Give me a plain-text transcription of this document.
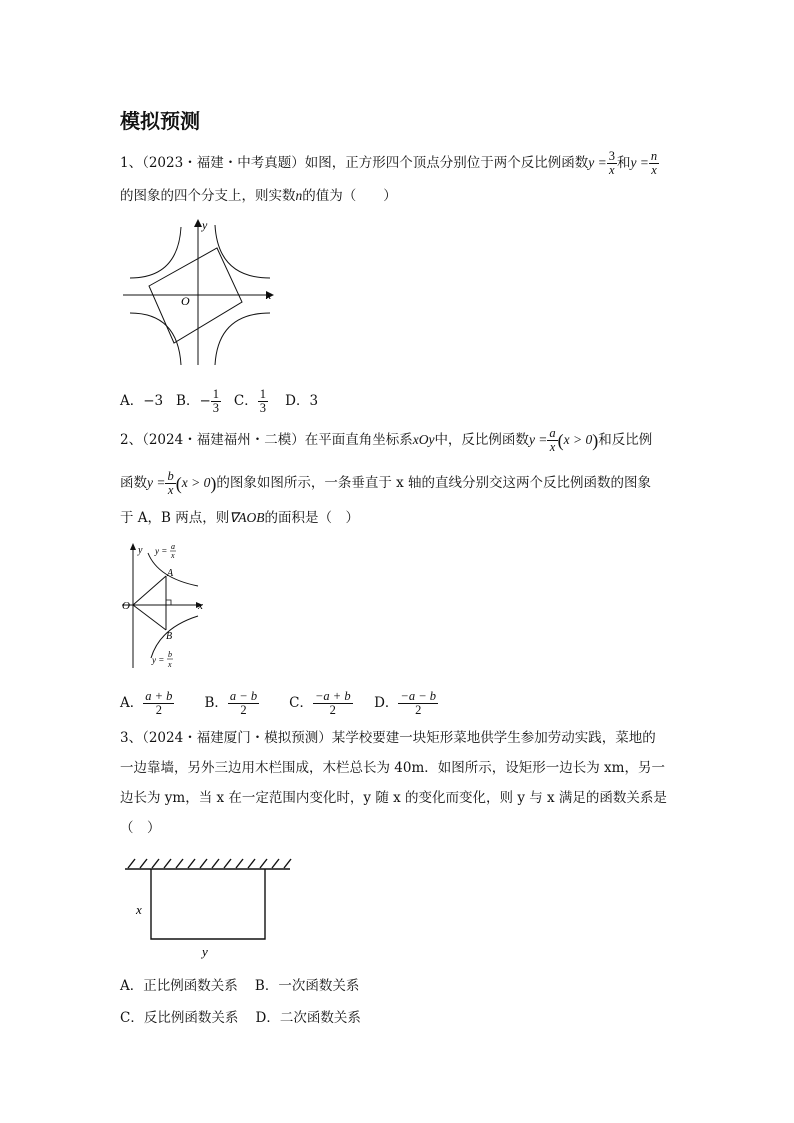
模拟预测
1、（2023・福建・中考真题）如图，正方形四个顶点分别位于两个反比例函数$y = \frac{3}{x}$ 和$y = \frac{n}{x}$
的图象的四个分支上，则实数n的值为（　　）
y
x
O
A．−3 B．− $\frac{1}{3}$ C． $\frac{1}{3}$ D．3
2、（2024・福建福州・二模）在平面直角坐标系xOy中，反比例函数$y = \frac{a}{x} (x > 0)$和反比例
函数$y = \frac{b}{x} (x > 0)$的图象如图所示，一条垂直于 x 轴的直线分别交这两个反比例函数的图象
于 A，B 两点，则∇AOB的面积是（　）
y
x
O
A
B
y = a
x
y =
b
x
A． $\frac{a + b}{2}$ B． $\frac{a - b}{2}$ C． $\frac{-a + b}{2}$ D． $\frac{-a - b}{2}$
3、（2024・福建厦门・模拟预测）某学校要建一块矩形菜地供学生参加劳动实践，菜地的
一边靠墙，另外三边用木栏围成，木栏总长为 40m．如图所示，设矩形一边长为 xm，另一
边长为 ym，当 x 在一定范围内变化时，y 随 x 的变化而变化，则 y 与 x 满足的函数关系是
（　）
x
y
A．正比例函数关系 B．一次函数关系
C．反比例函数关系 D．二次函数关系
